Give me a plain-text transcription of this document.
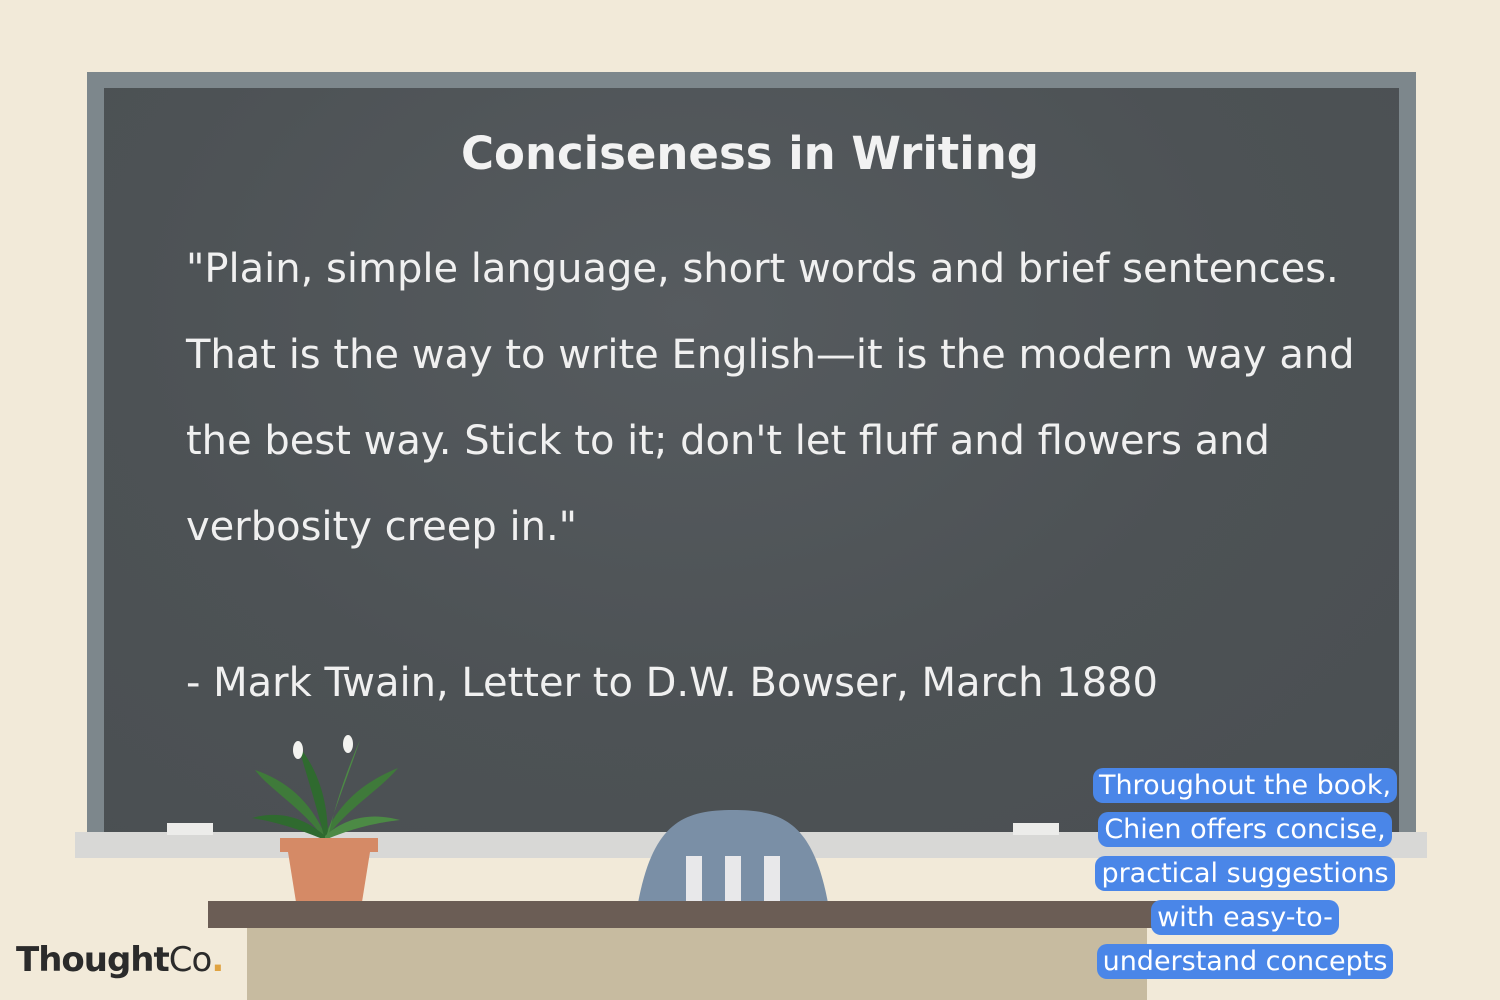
Conciseness in Writing

"Plain, simple language, short words and brief sentences. That is the way to write English—it is the modern way and the best way. Stick to it; don't let fluff and flowers and verbosity creep in."

- Mark Twain, Letter to D.W. Bowser, March 1880

ThoughtCo.

Throughout the book, Chien offers concise, practical suggestions with easy-to-understand concepts
